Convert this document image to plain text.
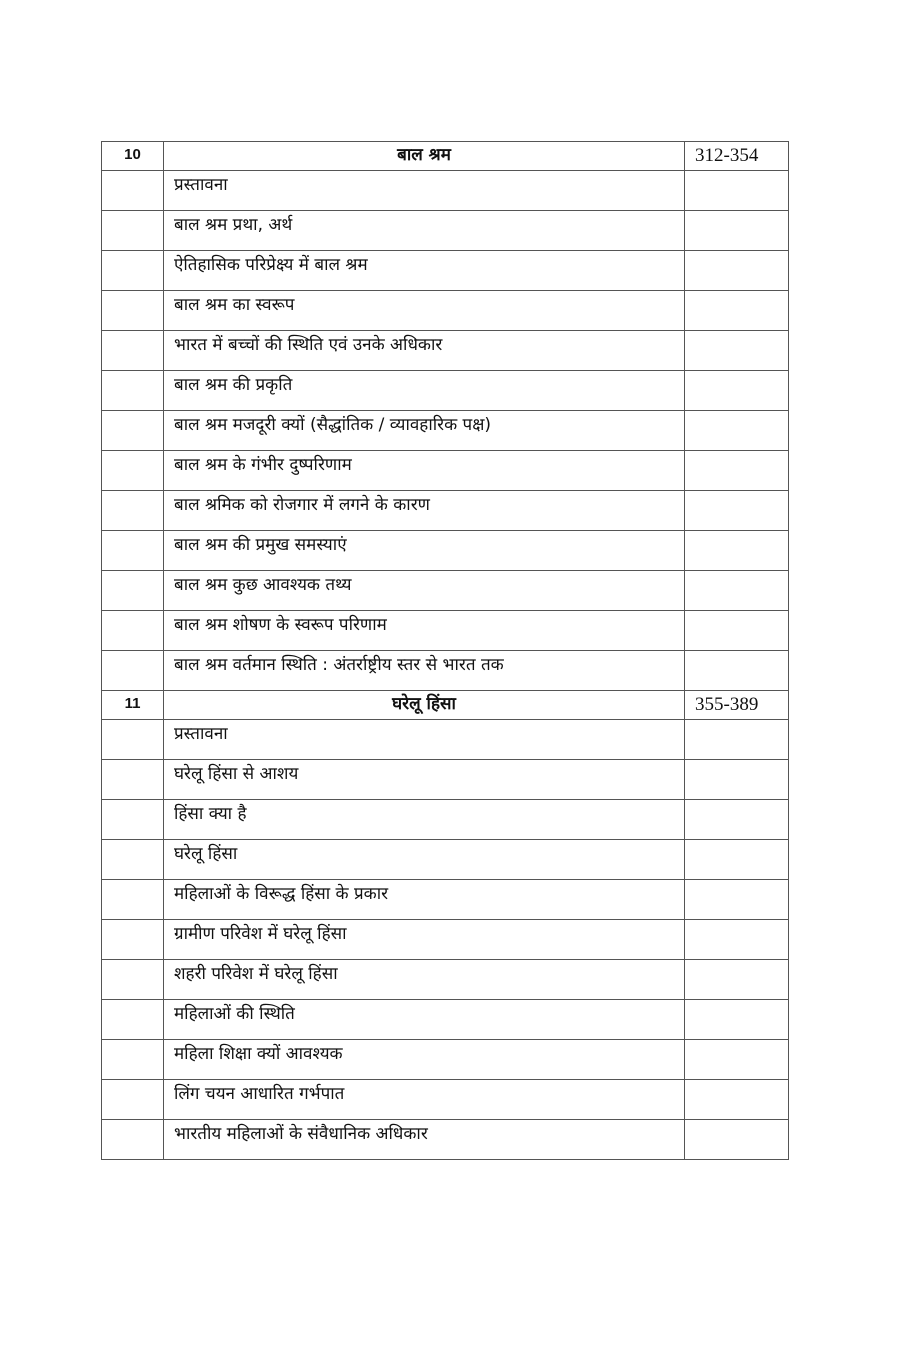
10	बाल श्रम	312-354
	प्रस्तावना	
	बाल श्रम प्रथा, अर्थ	
	ऐतिहासिक परिप्रेक्ष्य में बाल श्रम	
	बाल श्रम का स्वरूप	
	भारत में बच्चों की स्थिति एवं उनके अधिकार	
	बाल श्रम की प्रकृति	
	बाल श्रम मजदूरी क्यों (सैद्धांतिक / व्यावहारिक पक्ष)	
	बाल श्रम के गंभीर दुष्परिणाम	
	बाल श्रमिक को रोजगार में लगने के कारण	
	बाल श्रम की प्रमुख समस्याएं	
	बाल श्रम कुछ आवश्यक तथ्य	
	बाल श्रम शोषण के स्वरूप परिणाम	
	बाल श्रम वर्तमान स्थिति : अंतर्राष्ट्रीय स्तर से भारत तक	
11	घरेलू हिंसा	355-389
	प्रस्तावना	
	घरेलू हिंसा से आशय	
	हिंसा क्या है	
	घरेलू हिंसा	
	महिलाओं के विरूद्ध हिंसा के प्रकार	
	ग्रामीण परिवेश में घरेलू हिंसा	
	शहरी परिवेश में घरेलू हिंसा	
	महिलाओं की स्थिति	
	महिला शिक्षा क्यों आवश्यक	
	लिंग चयन आधारित गर्भपात	
	भारतीय महिलाओं के संवैधानिक अधिकार	
